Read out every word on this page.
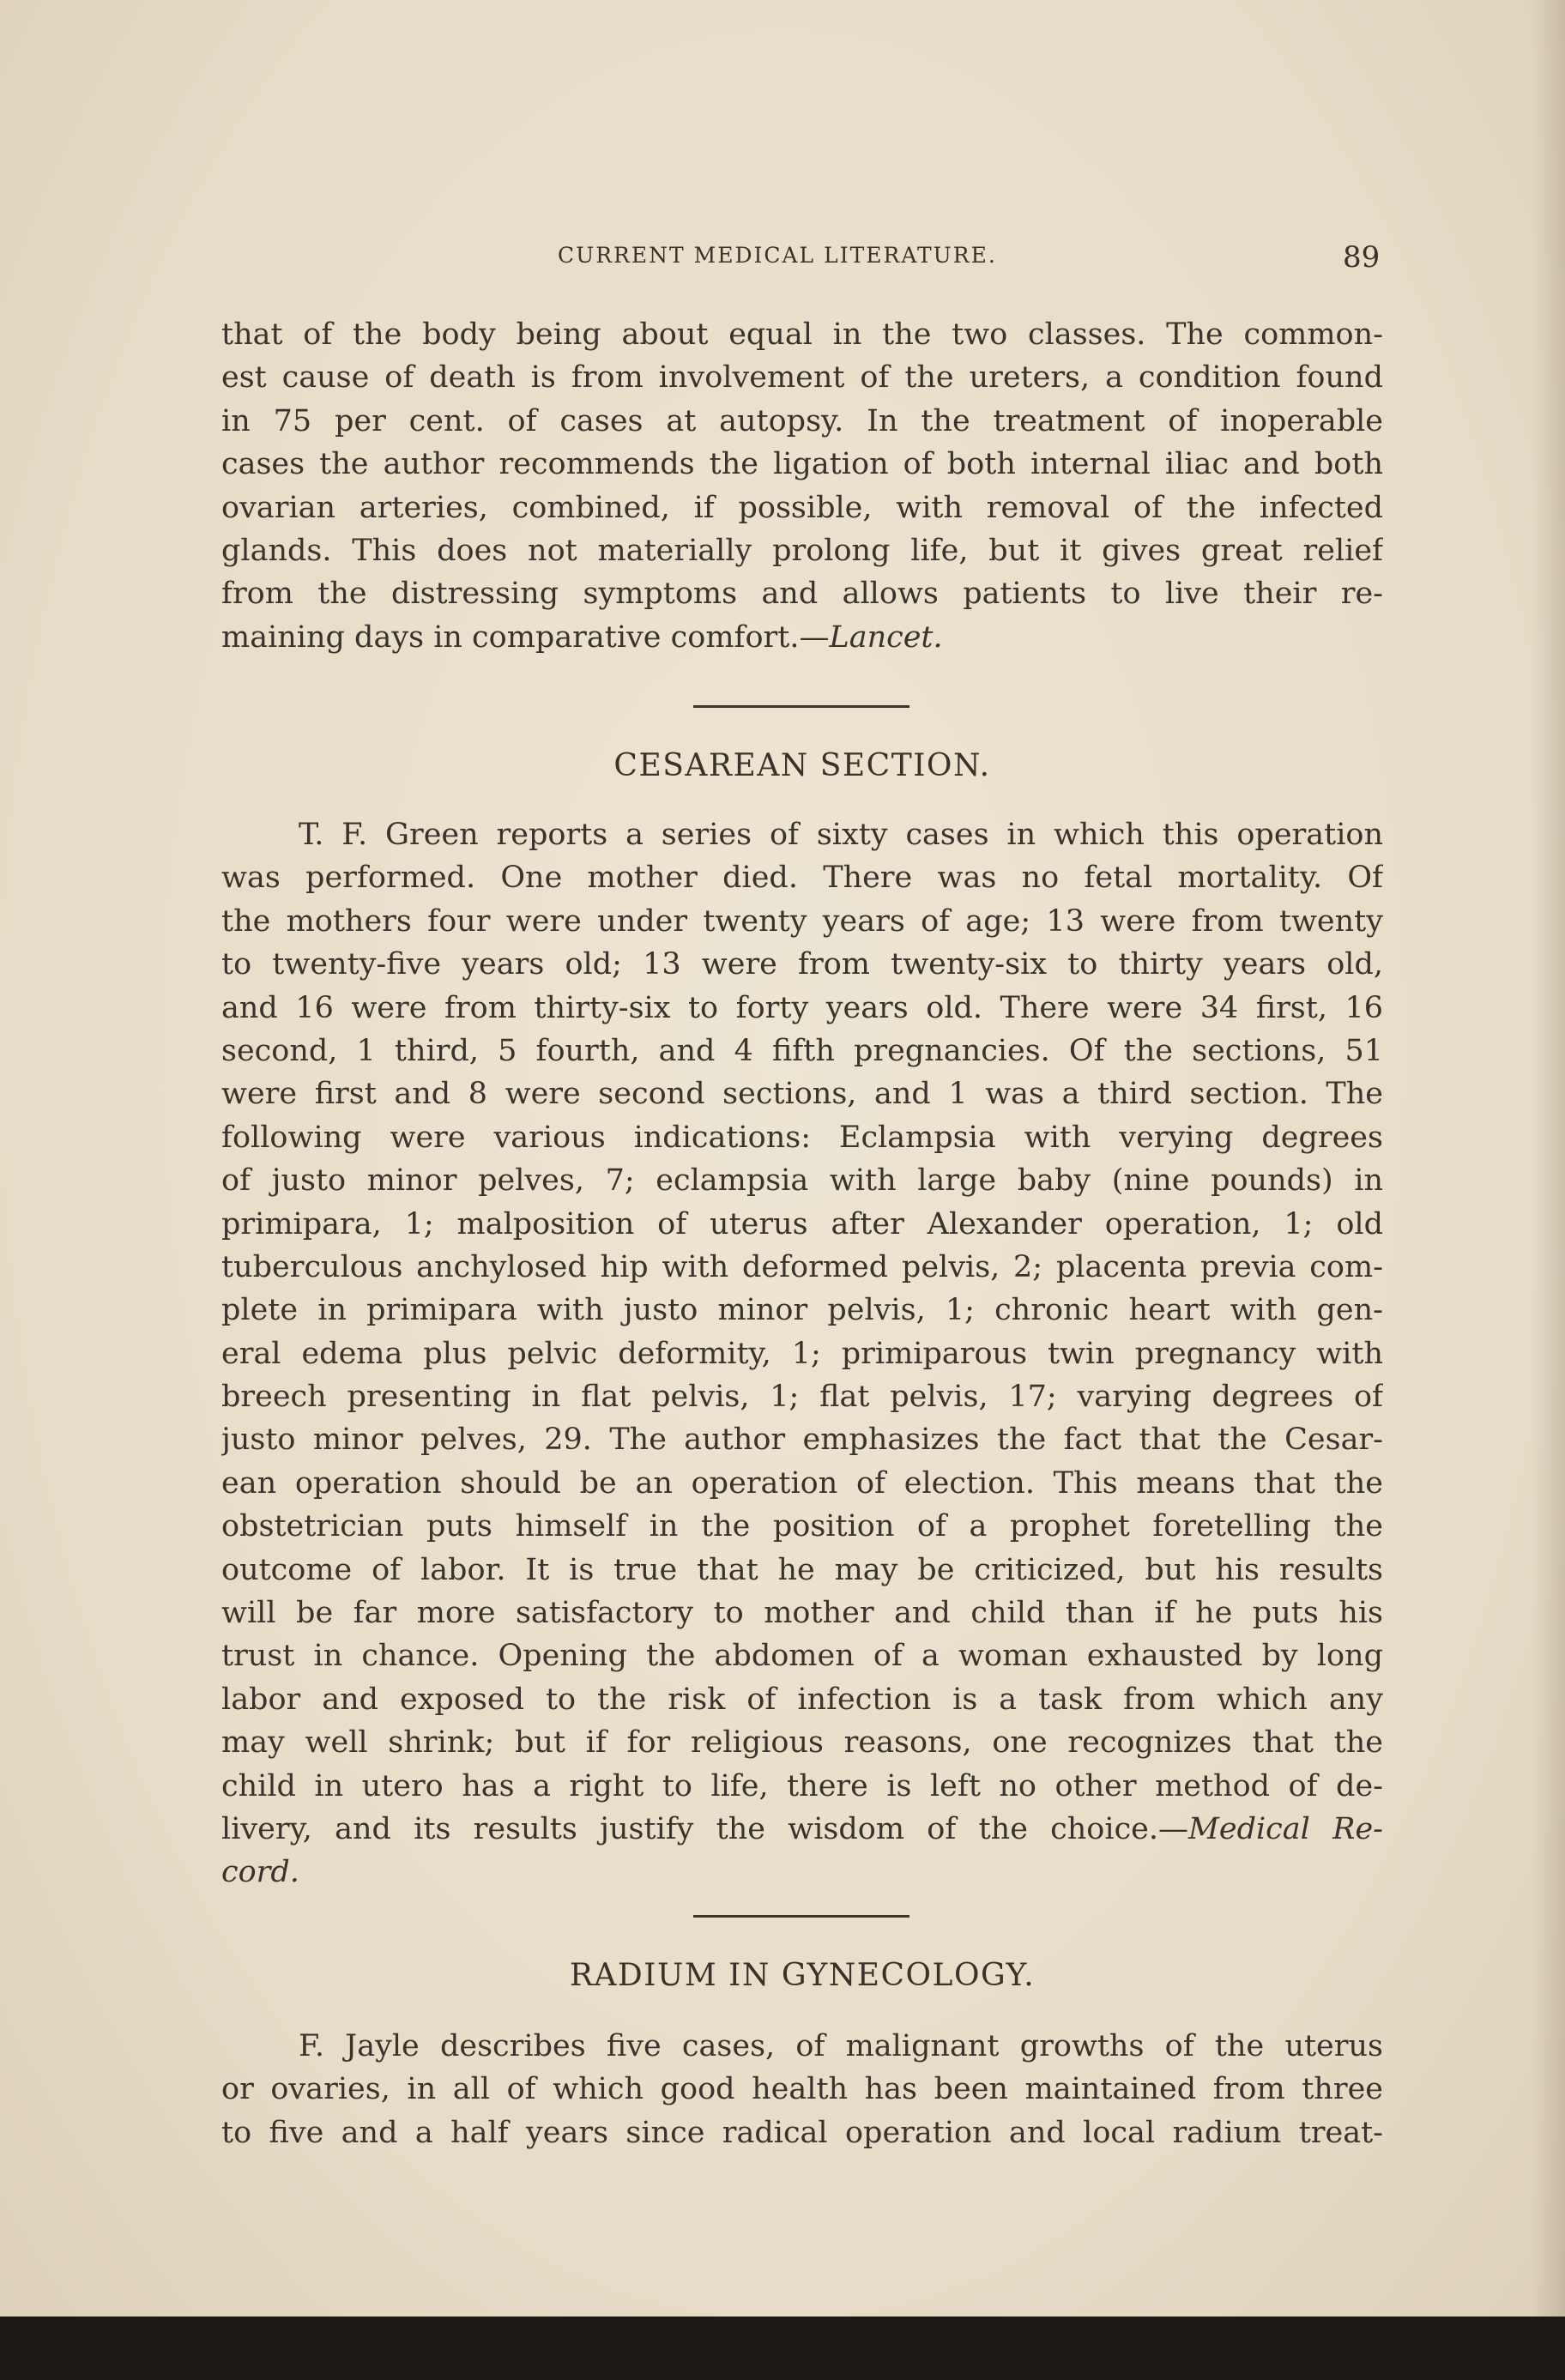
CURRENT MEDICAL LITERATURE.	89
that of the body being about equal in the two classes. The common-
est cause of death is from involvement of the ureters, a condition found
in 75 per cent. of cases at autopsy. In the treatment of inoperable
cases the author recommends the ligation of both internal iliac and both
ovarian arteries, combined, if possible, with removal of the infected
glands. This does not materially prolong life, but it gives great relief
from the distressing symptoms and allows patients to live their re-
maining days in comparative comfort.—Lancet.
CESAREAN SECTION.
T. F. Green reports a series of sixty cases in which this operation
was performed. One mother died. There was no fetal mortality. Of
the mothers four were under twenty years of age; 13 were from twenty
to twenty-five years old; 13 were from twenty-six to thirty years old,
and 16 were from thirty-six to forty years old. There were 34 first, 16
second, 1 third, 5 fourth, and 4 fifth pregnancies. Of the sections, 51
were first and 8 were second sections, and 1 was a third section. The
following were various indications: Eclampsia with verying degrees
of justo minor pelves, 7; eclampsia with large baby (nine pounds) in
primipara, 1; malposition of uterus after Alexander operation, 1; old
tuberculous anchylosed hip with deformed pelvis, 2; placenta previa com-
plete in primipara with justo minor pelvis, 1; chronic heart with gen-
eral edema plus pelvic deformity, 1; primiparous twin pregnancy with
breech presenting in flat pelvis, 1; flat pelvis, 17; varying degrees of
justo minor pelves, 29. The author emphasizes the fact that the Cesar-
ean operation should be an operation of election. This means that the
obstetrician puts himself in the position of a prophet foretelling the
outcome of labor. It is true that he may be criticized, but his results
will be far more satisfactory to mother and child than if he puts his
trust in chance. Opening the abdomen of a woman exhausted by long
labor and exposed to the risk of infection is a task from which any
may well shrink; but if for religious reasons, one recognizes that the
child in utero has a right to life, there is left no other method of de-
livery, and its results justify the wisdom of the choice.—Medical Re-
cord.
RADIUM IN GYNECOLOGY.
F. Jayle describes five cases, of malignant growths of the uterus
or ovaries, in all of which good health has been maintained from three
to five and a half years since radical operation and local radium treat-
